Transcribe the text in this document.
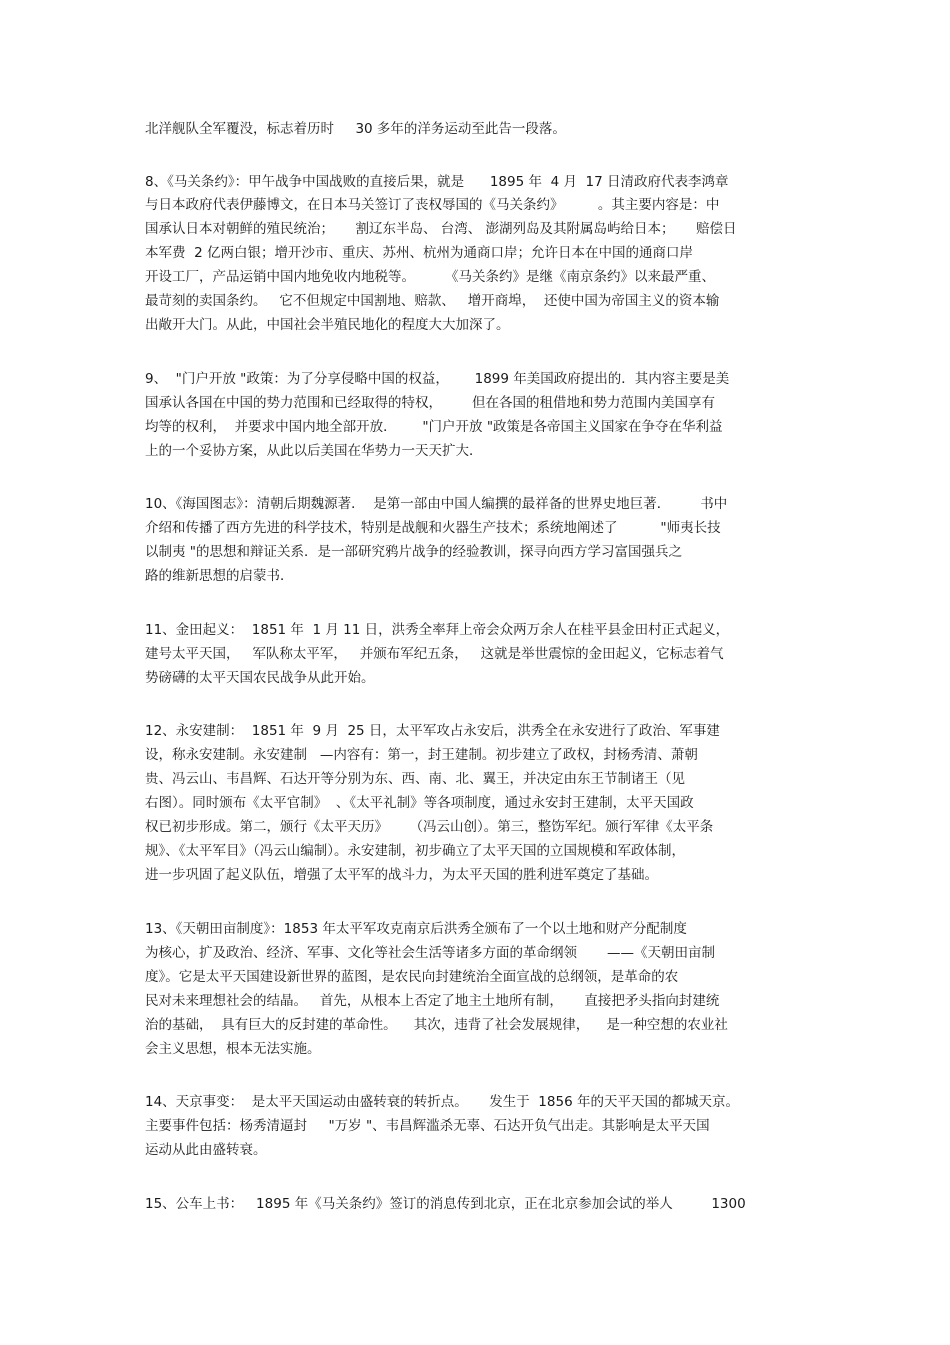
北洋舰队全军覆没，标志着历时     30 多年的洋务运动至此告一段落。
8、《马关条约》：甲午战争中国战败的直接后果，就是      1895 年  4 月  17 日清政府代表李鸿章
与日本政府代表伊藤博文，在日本马关签订了丧权辱国的《马关条约》        。其主要内容是：中
国承认日本对朝鲜的殖民统治；     割辽东半岛、 台湾、 澎湖列岛及其附属岛屿给日本；     赔偿日
本军费  2 亿两白银；增开沙市、重庆、苏州、杭州为通商口岸；允许日本在中国的通商口岸
开设工厂，产品运销中国内地免收内地税等。       《马关条约》是继《南京条约》以来最严重、
最苛刻的卖国条约。   它不但规定中国割地、赔款、   增开商埠，  还使中国为帝国主义的资本输
出敞开大门。从此，中国社会半殖民地化的程度大大加深了。
9、  "门户开放 "政策：为了分享侵略中国的权益，      1899 年美国政府提出的．其内容主要是美
国承认各国在中国的势力范围和已经取得的特权，       但在各国的租借地和势力范围内美国享有
均等的权利，  并要求中国内地全部开放．      "门户开放 "政策是各帝国主义国家在争夺在华利益
上的一个妥协方案，从此以后美国在华势力一天天扩大．
10、《海国图志》：清朝后期魏源著．  是第一部由中国人编撰的最祥备的世界史地巨著．       书中
介绍和传播了西方先进的科学技术，特别是战舰和火器生产技术；系统地阐述了          "师夷长技
以制夷 "的思想和辩证关系．是一部研究鸦片战争的经验教训，探寻向西方学习富国强兵之
路的维新思想的启蒙书．
11、金田起义：  1851 年  1 月 11 日，洪秀全率拜上帝会众两万余人在桂平县金田村正式起义，
建号太平天国，   军队称太平军，   并颁布军纪五条，   这就是举世震惊的金田起义，它标志着气
势磅礴的太平天国农民战争从此开始。
12、永安建制：  1851 年  9 月  25 日，太平军攻占永安后，洪秀全在永安进行了政治、军事建
设，称永安建制。永安建制   —内容有：第一，封王建制。初步建立了政权，封杨秀清、萧朝
贵、冯云山、韦昌辉、石达开等分别为东、西、南、北、翼王，并决定由东王节制诸王（见
右图）。同时颁布《太平官制》  、《太平礼制》等各项制度，通过永安封王建制，太平天国政
权已初步形成。第二，颁行《太平天历》     （冯云山创）。第三，整饬军纪。颁行军律《太平条
规》、《太平军目》（冯云山编制）。永安建制，初步确立了太平天国的立国规模和军政体制，
进一步巩固了起义队伍，增强了太平军的战斗力，为太平天国的胜利进军奠定了基础。
13、《天朝田亩制度》：1853 年太平军攻克南京后洪秀全颁布了一个以土地和财产分配制度
为核心，扩及政治、经济、军事、文化等社会生活等诸多方面的革命纲领       ——《天朝田亩制
度》。它是太平天国建设新世界的蓝图，是农民向封建统治全面宣战的总纲领，是革命的农
民对未来理想社会的结晶。   首先，从根本上否定了地主土地所有制，     直接把矛头指向封建统
治的基础，  具有巨大的反封建的革命性。    其次，违背了社会发展规律，    是一种空想的农业社
会主义思想，根本无法实施。
14、天京事变：  是太平天国运动由盛转衰的转折点。     发生于  1856 年的天平天国的都城天京。
主要事件包括：杨秀清逼封     "万岁 "、韦昌辉滥杀无辜、石达开负气出走。其影响是太平天国
运动从此由盛转衰。
15、公车上书：   1895 年《马关条约》签订的消息传到北京，正在北京参加会试的举人         1300
